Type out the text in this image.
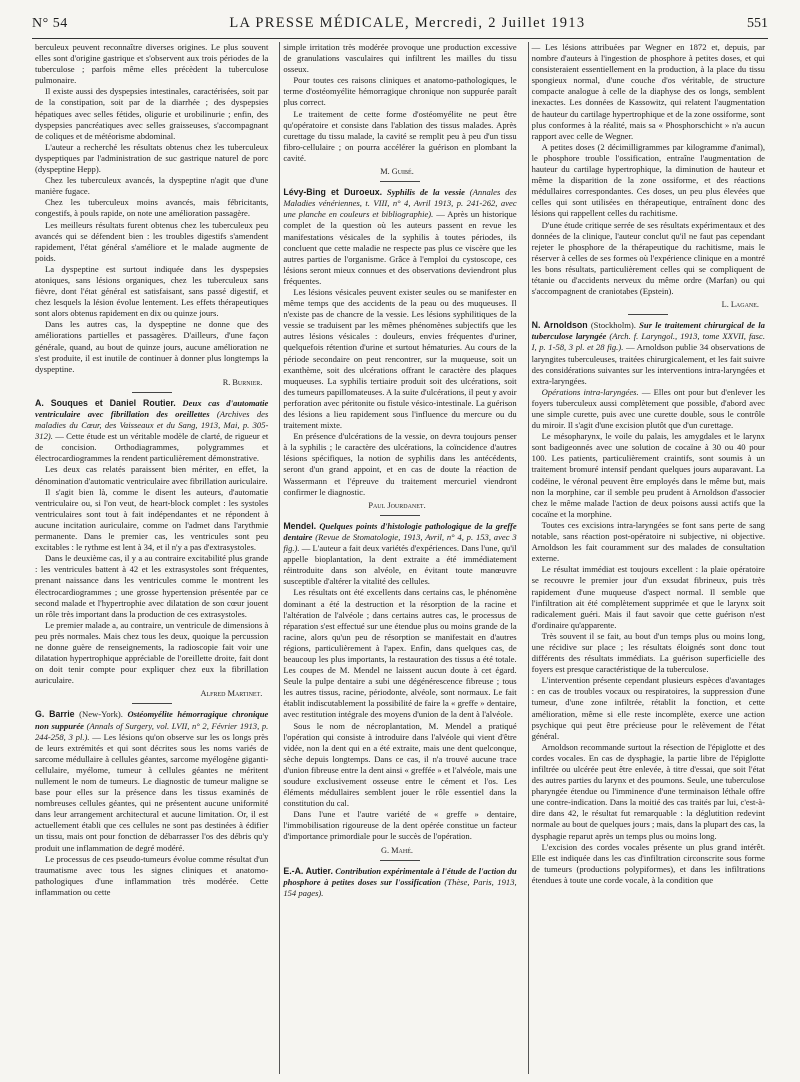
N° 54	LA PRESSE MÉDICALE, Mercredi, 2 Juillet 1913	551

berculeux peuvent reconnaître diverses origines. Le plus souvent elles sont d'origine gastrique et s'observent aux trois périodes de la tuberculose ; parfois même elles précèdent la tuberculose pulmonaire.

Il existe aussi des dyspepsies intestinales, caractérisées, soit par de la constipation, soit par de la diarrhée ; des dyspepsies hépatiques avec selles fétides, oligurie et urobilinurie ; enfin, des dyspepsies pancréatiques avec selles graisseuses, s'accompagnant de coliques et de météorisme abdominal.

L'auteur a recherché les résultats obtenus chez les tuberculeux dyspeptiques par l'administration de suc gastrique naturel de porc (dyspeptine Hepp).

Chez les tuberculeux avancés, la dyspeptine n'agit que d'une manière fugace.

Chez les tuberculeux moins avancés, mais fébricitants, congestifs, à pouls rapide, on note une amélioration passagère.

Les meilleurs résultats furent obtenus chez les tuberculeux peu avancés qui se défendent bien : les troubles digestifs s'amendent rapidement, l'état général s'améliore et le malade augmente de poids.

La dyspeptine est surtout indiquée dans les dyspepsies atoniques, sans lésions organiques, chez les tuberculeux sans fièvre, dont l'état général est satisfaisant, sans passé digestif, et chez lesquels la lésion évolue lentement. Les effets thérapeutiques sont alors obtenus rapidement en dix ou quinze jours.

Dans les autres cas, la dyspeptine ne donne que des améliorations partielles et passagères. D'ailleurs, d'une façon générale, quand, au bout de quinze jours, aucune amélioration ne s'est produite, il est inutile de continuer à donner plus longtemps la dyspeptine.

R. Burnier.

A. Souques et Daniel Routier. Deux cas d'automatie ventriculaire avec fibrillation des oreillettes (Archives des maladies du Cœur, des Vaisseaux et du Sang, 1913, Mai, p. 305-312). — Cette étude est un véritable modèle de clarté, de rigueur et de concision. Orthodiagrammes, polygrammes et électrocardiogrammes la rendent particulièrement démonstrative.

Les deux cas relatés paraissent bien mériter, en effet, la dénomination d'automatic ventriculaire avec fibrillation auriculaire.

Il s'agit bien là, comme le disent les auteurs, d'automatie ventriculaire ou, si l'on veut, de heart-block complet : les systoles ventriculaires sont tout à fait indépendantes et ne répondent à aucune incitation auriculaire, comme on l'admet dans l'arythmie permanente. Dans le premier cas, les ventricules sont peu excitables : le rythme est lent à 34, et il n'y a pas d'extrasystoles.

Dans le deuxième cas, il y a au contraire excitabilité plus grande : les ventricules battent à 42 et les extrasystoles sont fréquentes, prenant naissance dans les ventricules comme le montrent les électrocardiogrammes ; une grosse hypertension présentée par ce second malade et l'hypertrophie avec dilatation de son cœur jouent un rôle très important dans la production de ces extrasystoles.

Le premier malade a, au contraire, un ventricule de dimensions à peu près normales. Mais chez tous les deux, quoique la percussion ne donne guère de renseignements, la radioscopie fait voir une dilatation hypertrophique appréciable de l'oreillette droite, fait dont on doit tenir compte pour expliquer chez eux la fibrillation auriculaire.

Alfred Martinet.

G. Barrie (New-York). Ostéomyélite hémorragique chronique non suppurée (Annals of Surgery, vol. LVII, n° 2, Février 1913, p. 244-258, 3 pl.). — Les lésions qu'on observe sur les os longs près de leurs extrémités et qui sont décrites sous les noms variés de sarcome médullaire à cellules géantes, sarcome myélogène giganti-cellulaire, myélome, tumeur à cellules géantes ne méritent nullement le nom de tumeurs. Le diagnostic de tumeur maligne se base pour elles sur la présence dans les tissus examinés de nombreuses cellules géantes, qui ne présentent aucune uniformité dans leur arrangement architectural et aucune limitation. Or, il est actuellement établi que ces cellules ne sont pas destinées à édifier un tissu, mais ont pour fonction de débarrasser l'os des débris qu'y produit une inflammation de degré modéré.

Le processus de ces pseudo-tumeurs évolue comme résultat d'un traumatisme avec tous les signes cliniques et anatomo-pathologiques d'une inflammation très modérée. Cette inflammation ou cette

simple irritation très modérée provoque une production excessive de granulations vasculaires qui infiltrent les mailles du tissu osseux.

Pour toutes ces raisons cliniques et anatomo-pathologiques, le terme d'ostéomyélite hémorragique chronique non suppurée paraît plus correct.

Le traitement de cette forme d'ostéomyélite ne peut être qu'opératoire et consiste dans l'ablation des tissus malades. Après curettage du tissu malade, la cavité se remplit peu à peu d'un tissu fibro-cellulaire ; on pourra accélérer la guérison en plombant la cavité.

M. Guibé.

Lévy-Bing et Duroeux. Syphilis de la vessie (Annales des Maladies vénériennes, t. VIII, n° 4, Avril 1913, p. 241-262, avec une planche en couleurs et bibliographie). — Après un historique complet de la question où les auteurs passent en revue les manifestations vésicales de la syphilis à toutes périodes, ils concluent que cette maladie ne respecte pas plus ce viscère que les autres parties de l'organisme. Grâce à l'emploi du cystoscope, ces lésions seront mieux connues et des observations deviendront plus fréquentes.

Les lésions vésicales peuvent exister seules ou se manifester en même temps que des accidents de la peau ou des muqueuses. Il n'existe pas de chancre de la vessie. Les lésions syphilitiques de la vessie se traduisent par les mêmes phénomènes subjectifs que les autres lésions vésicales : douleurs, envies fréquentes d'uriner, quelquefois rétention d'urine et surtout hématuries. Au cours de la période secondaire on peut rencontrer, sur la muqueuse, soit un exanthème, soit des ulcérations offrant le caractère des plaques muqueuses. La syphilis tertiaire produit soit des ulcérations, soit des tumeurs papillomateuses. A la suite d'ulcérations, il peut y avoir perforation avec péritonite ou fistule vésico-intestinale. La guérison des lésions a lieu rapidement sous l'influence du mercure ou du traitement mixte.

En présence d'ulcérations de la vessie, on devra toujours penser à la syphilis ; le caractère des ulcérations, la coïncidence d'autres lésions spécifiques, la notion de syphilis dans les antécédents, seront d'un grand appoint, et en cas de doute la réaction de Wassermann et l'épreuve du traitement mercuriel viendront confirmer le diagnostic.

Paul Jourdanet.

Mendel. Quelques points d'histologie pathologique de la greffe dentaire (Revue de Stomatologie, 1913, Avril, n° 4, p. 153, avec 3 fig.). — L'auteur a fait deux variétés d'expériences. Dans l'une, qu'il appelle bioplantation, la dent extraite a été immédiatement réintroduite dans son alvéole, en évitant toute manœuvre susceptible d'altérer la vitalité des cellules.

Les résultats ont été excellents dans certains cas, le phénomène dominant a été la destruction et la résorption de la racine et l'altération de l'alvéole ; dans certains autres cas, le processus de réparation s'est effectué sur une étendue plus ou moins grande de la racine, alors qu'un peu de résorption se manifestait en d'autres régions, particulièrement à l'apex. Enfin, dans quelques cas, de beaucoup les plus importants, la restauration des tissus a été totale. Les coupes de M. Mendel ne laissent aucun doute à cet égard. Seule la pulpe dentaire a subi une dégénérescence fibreuse ; tous les autres tissus, racine, périodonte, alvéole, sont normaux. Le fait établit indiscutablement la possibilité de faire la « greffe » dentaire, avec restitution intégrale des moyens d'union de la dent à l'alvéole.

Sous le nom de nécroplantation, M. Mendel a pratiqué l'opération qui consiste à introduire dans l'alvéole qui vient d'être vidée, non la dent qui en a été extraite, mais une dent quelconque, sèche depuis longtemps. Dans ce cas, il n'a trouvé aucune trace d'union fibreuse entre la dent ainsi « greffée » et l'alvéole, mais une soudure exclusivement osseuse entre le cément et l'os. Les éléments médullaires semblent jouer le rôle essentiel dans la constitution du cal.

Dans l'une et l'autre variété de « greffe » dentaire, l'immobilisation rigoureuse de la dent opérée constitue un facteur d'importance primordiale pour le succès de l'opération.

G. Mahé.

E.-A. Autier. Contribution expérimentale à l'étude de l'action du phosphore à petites doses sur l'ossification (Thèse, Paris, 1913, 154 pages).

— Les lésions attribuées par Wegner en 1872 et, depuis, par nombre d'auteurs à l'ingestion de phosphore à petites doses, et qui consisteraient essentiellement en la production, à la place du tissu spongieux normal, d'une couche d'os véritable, de structure compacte analogue à celle de la diaphyse des os longs, semblent inexactes. Les données de Kassowitz, qui relatent l'augmentation de hauteur du cartilage hypertrophique et de la zone ossiforme, sont plus conformes à la réalité, mais sa « Phosphorschicht » n'a aucun rapport avec celle de Wegner.

A petites doses (2 décimilligrammes par kilogramme d'animal), le phosphore trouble l'ossification, entraîne l'augmentation de hauteur du cartilage hypertrophique, la diminution de hauteur et même la disparition de la zone ossiforme, et des réactions médullaires correspondantes. Ces doses, un peu plus élevées que celles qui sont utilisées en thérapeutique, entraînent donc des lésions qui rappellent celles du rachitisme.

D'une étude critique serrée de ses résultats expérimentaux et des données de la clinique, l'auteur conclut qu'il ne faut pas cependant rejeter le phosphore de la thérapeutique du rachitisme, mais le réserver à celles de ses formes où l'expérience clinique en a montré les bons résultats, particulièrement celles qui se compliquent de tétanie ou d'accidents nerveux du même ordre (Marfan) ou qui s'accompagnent de craniotabes (Epstein).

L. Lagane.

N. Arnoldson (Stockholm). Sur le traitement chirurgical de la tuberculose laryngée (Arch. f. Laryngol., 1913, tome XXVII, fasc. I, p. 1-58, 3 pl. et 28 fig.). — Arnoldson publie 34 observations de laryngites tuberculeuses, traitées chirurgicalement, et les fait suivre des considérations suivantes sur les interventions intra-laryngées et extra-laryngées.

Opérations intra-laryngées. — Elles ont pour but d'enlever les foyers tuberculeux aussi complètement que possible, d'abord avec une simple curette, puis avec une curette double, sous le contrôle du miroir. Il s'agit d'une excision plutôt que d'un curettage.

Le mésopharynx, le voile du palais, les amygdales et le larynx sont badigeonnés avec une solution de cocaïne à 30 ou 40 pour 100. Les patients, particulièrement craintifs, sont soumis à un traitement bromuré intensif pendant quelques jours auparavant. La codéine, le véronal peuvent être employés dans le même but, mais non la morphine, car il semble peu prudent à Arnoldson d'associer chez le même malade l'action de deux poisons aussi actifs que la cocaïne et la morphine.

Toutes ces excisions intra-laryngées se font sans perte de sang notable, sans réaction post-opératoire ni subjective, ni objective. Arnoldson les fait couramment sur des malades de consultation externe.

Le résultat immédiat est toujours excellent : la plaie opératoire se recouvre le premier jour d'un exsudat fibrineux, puis très rapidement d'une muqueuse d'aspect normal. Il semble que l'infiltration ait été complètement supprimée et que le larynx soit radicalement guéri. Mais il faut savoir que cette guérison n'est d'ordinaire qu'apparente.

Très souvent il se fait, au bout d'un temps plus ou moins long, une récidive sur place ; les résultats éloignés sont donc tout différents des résultats immédiats. La guérison superficielle des foyers est presque caractéristique de la tuberculose.

L'intervention présente cependant plusieurs espèces d'avantages : en cas de troubles vocaux ou respiratoires, la suppression d'une tumeur, d'une zone infiltrée, rétablit la fonction, et cette amélioration, même si elle reste incomplète, exerce une action psychique qui peut être précieuse pour le relèvement de l'état général.

Arnoldson recommande surtout la résection de l'épiglotte et des cordes vocales. En cas de dysphagie, la partie libre de l'épiglotte infiltrée ou ulcérée peut être enlevée, à titre d'essai, que soit l'état des autres parties du larynx et des poumons. Seule, une tuberculose pharyngée étendue ou l'imminence d'une terminaison léthale offre une contre-indication. Dans la moitié des cas traités par lui, c'est-à-dire dans 42, le résultat fut remarquable : la déglutition redevint normale au bout de quelques jours ; mais, dans la plupart des cas, la dysphagie reparut après un temps plus ou moins long.

L'excision des cordes vocales présente un plus grand intérêt. Elle est indiquée dans les cas d'infiltration circonscrite sous forme de tumeurs (productions polypiformes), et dans les infiltrations étendues à toute une corde vocale, à la condition que
